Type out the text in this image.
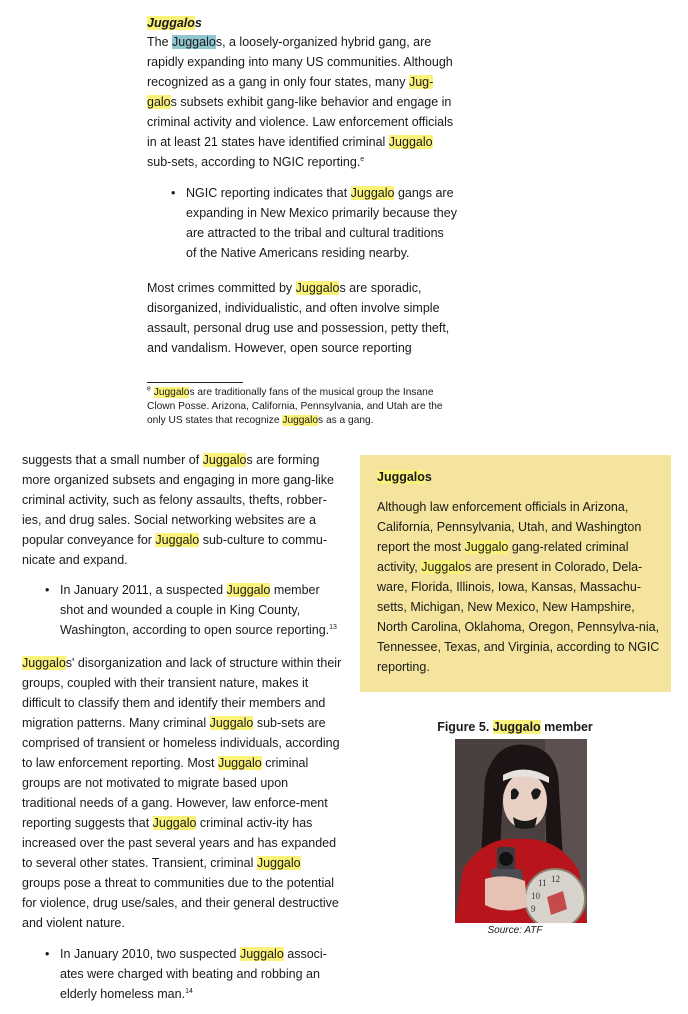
Juggalos

The Juggalos, a loosely-organized hybrid gang, are rapidly expanding into many US communities. Although recognized as a gang in only four states, many Jug-galos subsets exhibit gang-like behavior and engage in criminal activity and violence. Law enforcement officials in at least 21 states have identified criminal Juggalo sub-sets, according to NGIC reporting.$^e$

• NGIC reporting indicates that Juggalo gangs are expanding in New Mexico primarily because they are attracted to the tribal and cultural traditions of the Native Americans residing nearby.

Most crimes committed by Juggalos are sporadic, disorganized, individualistic, and often involve simple assault, personal drug use and possession, petty theft, and vandalism. However, open source reporting

$^e$ Juggalos are traditionally fans of the musical group the Insane Clown Posse. Arizona, California, Pennsylvania, and Utah are the only US states that recognize Juggalos as a gang.

suggests that a small number of Juggalos are forming more organized subsets and engaging in more gang-like criminal activity, such as felony assaults, thefts, robber-ies, and drug sales. Social networking websites are a popular conveyance for Juggalo sub-culture to commu-nicate and expand.

• In January 2011, a suspected Juggalo member shot and wounded a couple in King County, Washington, according to open source reporting.$^{13}$

Juggalos' disorganization and lack of structure within their groups, coupled with their transient nature, makes it difficult to classify them and identify their members and migration patterns. Many criminal Juggalo sub-sets are comprised of transient or homeless individuals, according to law enforcement reporting. Most Juggalo criminal groups are not motivated to migrate based upon traditional needs of a gang. However, law enforce-ment reporting suggests that Juggalo criminal activ-ity has increased over the past several years and has expanded to several other states. Transient, criminal Juggalo groups pose a threat to communities due to the potential for violence, drug use/sales, and their general destructive and violent nature.

• In January 2010, two suspected Juggalo associ-ates were charged with beating and robbing an elderly homeless man.$^{14}$
Juggalos

Although law enforcement officials in Arizona, California, Pennsylvania, Utah, and Washington report the most Juggalo gang-related criminal activity, Juggalos are present in Colorado, Dela-ware, Florida, Illinois, Iowa, Kansas, Massachu-setts, Michigan, New Mexico, New Hampshire, North Carolina, Oklahoma, Oregon, Pennsylva-nia, Tennessee, Texas, and Virginia, according to NGIC reporting.

Figure 5. Juggalo member
11 12
10
9
Source: ATF
